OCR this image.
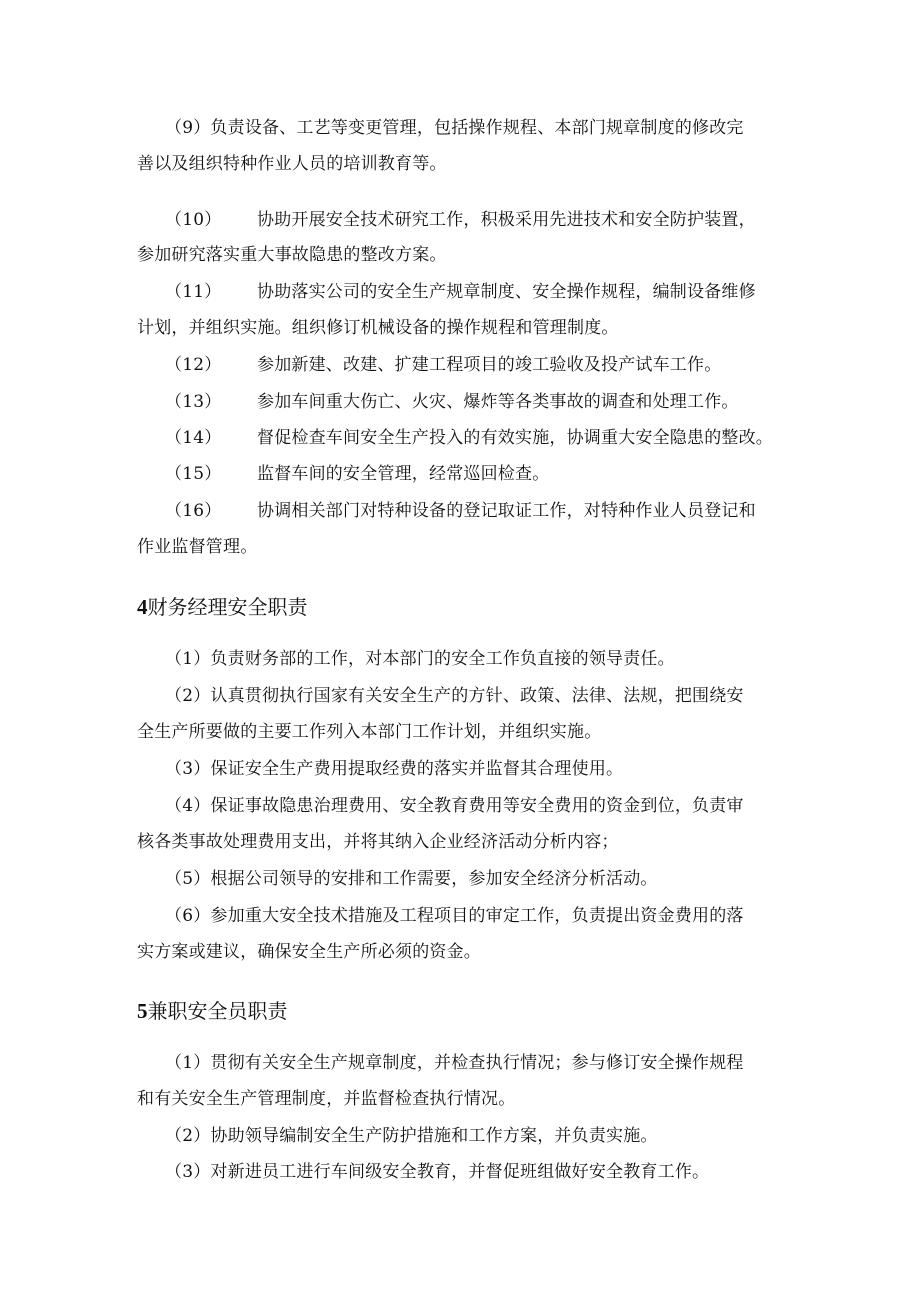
（9）负责设备、工艺等变更管理，包括操作规程、本部门规章制度的修改完
善以及组织特种作业人员的培训教育等。
（10） 协助开展安全技术研究工作，积极采用先进技术和安全防护装置，
参加研究落实重大事故隐患的整改方案。
（11） 协助落实公司的安全生产规章制度、安全操作规程，编制设备维修
计划，并组织实施。组织修订机械设备的操作规程和管理制度。
（12） 参加新建、改建、扩建工程项目的竣工验收及投产试车工作。
（13） 参加车间重大伤亡、火灾、爆炸等各类事故的调查和处理工作。
（14） 督促检查车间安全生产投入的有效实施，协调重大安全隐患的整改。
（15） 监督车间的安全管理，经常巡回检查。
（16） 协调相关部门对特种设备的登记取证工作，对特种作业人员登记和
作业监督管理。
4财务经理安全职责
（1）负责财务部的工作，对本部门的安全工作负直接的领导责任。
（2）认真贯彻执行国家有关安全生产的方针、政策、法律、法规，把围绕安
全生产所要做的主要工作列入本部门工作计划，并组织实施。
（3）保证安全生产费用提取经费的落实并监督其合理使用。
（4）保证事故隐患治理费用、安全教育费用等安全费用的资金到位，负责审
核各类事故处理费用支出，并将其纳入企业经济活动分析内容；
（5）根据公司领导的安排和工作需要，参加安全经济分析活动。
（6）参加重大安全技术措施及工程项目的审定工作，负责提出资金费用的落
实方案或建议，确保安全生产所必须的资金。
5兼职安全员职责
（1）贯彻有关安全生产规章制度，并检查执行情况；参与修订安全操作规程
和有关安全生产管理制度，并监督检查执行情况。
（2）协助领导编制安全生产防护措施和工作方案，并负责实施。
（3）对新进员工进行车间级安全教育，并督促班组做好安全教育工作。
